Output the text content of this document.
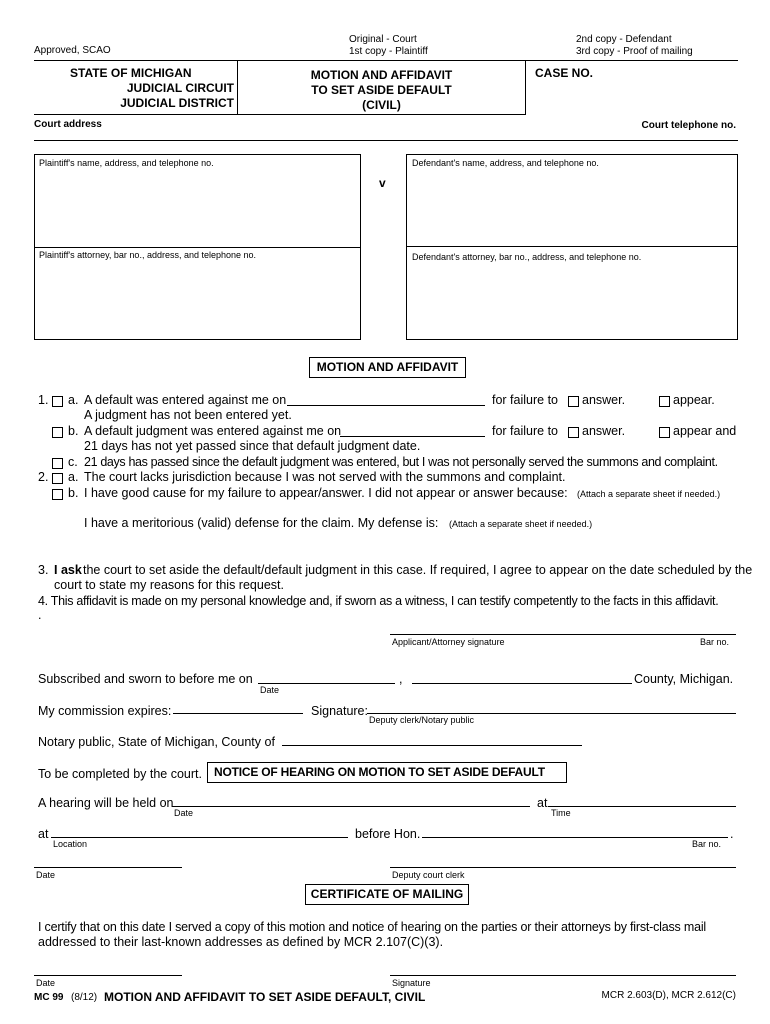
Approved, SCAO
Original - Court
1st copy - Plaintiff
2nd copy - Defendant
3rd copy - Proof of mailing
STATE OF MICHIGAN
JUDICIAL CIRCUIT
JUDICIAL DISTRICT
MOTION AND AFFIDAVIT
TO SET ASIDE DEFAULT
(CIVIL)
CASE NO.
Court address	Court telephone no.
Plaintiff's name, address, and telephone no.
Plaintiff's attorney, bar no., address, and telephone no.
v
Defendant's name, address, and telephone no.
Defendant's attorney, bar no., address, and telephone no.
MOTION AND AFFIDAVIT
1. a. A default was entered against me on	for failure to answer.	appear.
A judgment has not been entered yet.
b. A default judgment was entered against me on	for failure to answer.	appear and
21 days has not yet passed since that default judgment date.
c. 21 days has passed since the default judgment was entered, but I was not personally served the summons and complaint.
2. a. The court lacks jurisdiction because I was not served with the summons and complaint.
b. I have good cause for my failure to appear/answer. I did not appear or answer because: (Attach a separate sheet if needed.)
I have a meritorious (valid) defense for the claim. My defense is: (Attach a separate sheet if needed.)
3. I ask the court to set aside the default/default judgment in this case. If required, I agree to appear on the date scheduled by the
court to state my reasons for this request.
4. This affidavit is made on my personal knowledge and, if sworn as a witness, I can testify competently to the facts in this affidavit.
.
Applicant/Attorney signature	Bar no.
Subscribed and sworn to before me on
Date
,	County, Michigan.
My commission expires:	Signature:
Deputy clerk/Notary public
Notary public, State of Michigan, County of
To be completed by the court.	NOTICE OF HEARING ON MOTION TO SET ASIDE DEFAULT
A hearing will be held on
Date
at
Time
at
Location
before Hon.	.
Bar no.
Date	Deputy court clerk
CERTIFICATE OF MAILING
I certify that on this date I served a copy of this motion and notice of hearing on the parties or their attorneys by first-class mail
addressed to their last-known addresses as defined by MCR 2.107(C)(3).
Date	Signature
MC 99 (8/12) MOTION AND AFFIDAVIT TO SET ASIDE DEFAULT, CIVIL	MCR 2.603(D), MCR 2.612(C)
